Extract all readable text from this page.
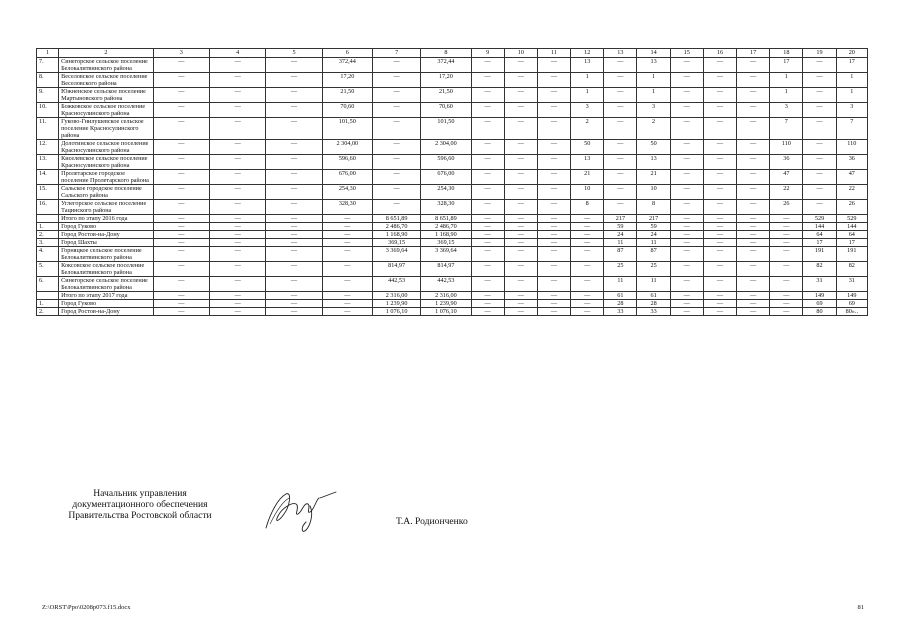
1	2	3	4	5	6	7	8	9	10	11	12	13	14	15	16	17	18	19	20
7.	Синегорское сельское поселение Белокалитвинского района	—	—	—	372,44	—	372,44	—	—	—	13	—	13	—	—	—	17	—	17
8.	Веселовское сельское поселение Веселовского района	—	—	—	17,20	—	17,20	—	—	—	1	—	1	—	—	—	1	—	1
9.	Южненское сельское поселение Мартыновского района	—	—	—	21,50	—	21,50	—	—	—	1	—	1	—	—	—	1	—	1
10.	Божковское сельское поселение Красносулинского района	—	—	—	70,60	—	70,60	—	—	—	3	—	3	—	—	—	3	—	3
11.	Гуково-Гнилушевское сельское поселение Красносулинского района	—	—	—	101,50	—	101,50	—	—	—	2	—	2	—	—	—	7	—	7
12.	Долотинское сельское поселение Красносулинского района	—	—	—	2 304,00	—	2 304,00	—	—	—	50	—	50	—	—	—	110	—	110
13.	Киселевское сельское поселение Красносулинского района	—	—	—	596,60	—	596,60	—	—	—	13	—	13	—	—	—	36	—	36
14.	Пролетарское городское поселение Пролетарского района	—	—	—	676,00	—	676,00	—	—	—	21	—	21	—	—	—	47	—	47
15.	Сальское городское поселение Сальского района	—	—	—	254,30	—	254,30	—	—	—	10	—	10	—	—	—	22	—	22
16.	Углегорское сельское поселение Тацинского района	—	—	—	328,30	—	328,30	—	—	—	8	—	8	—	—	—	26	—	26
	Итого по этапу 2016 года	—	—	—	—	8 651,89	8 651,89	—	—	—	—	217	217	—	—	—	—	529	529
1.	Город Гуково	—	—	—	—	2 486,70	2 486,70	—	—	—	—	59	59	—	—	—	—	144	144
2.	Город Ростов-на-Дону	—	—	—	—	1 168,90	1 168,90	—	—	—	—	24	24	—	—	—	—	64	64
3.	Город Шахты	—	—	—	—	369,15	369,15	—	—	—	—	11	11	—	—	—	—	17	17
4.	Горняцкое сельское поселение Белокалитвинского района	—	—	—	—	3 369,64	3 369,64	—	—	—	—	87	87	—	—	—	—	191	191
5.	Коксовское сельское поселение Белокалитвинского района	—	—	—	—	814,97	814,97	—	—	—	—	25	25	—	—	—	—	82	82
6.	Синегорское сельское поселение Белокалитвинского района	—	—	—	—	442,53	442,53	—	—	—	—	11	11	—	—	—	—	31	31
	Итого по этапу 2017 года	—	—	—	—	2 316,00	2 316,00	—	—	—	—	61	61	—	—	—	—	149	149
1.	Город Гуково	—	—	—	—	1 239,90	1 239,90	—	—	—	—	28	28	—	—	—	—	69	69
2.	Город Ростов-на-Дону	—	—	—	—	1 076,10	1 076,10	—	—	—	—	33	33	—	—	—	—	80	80»..
Начальник управления
документационного обеспечения
Правительства Ростовской области
Т.А. Родионченко
Z:\ORST\Ppo\0208p073.f15.docx	81
